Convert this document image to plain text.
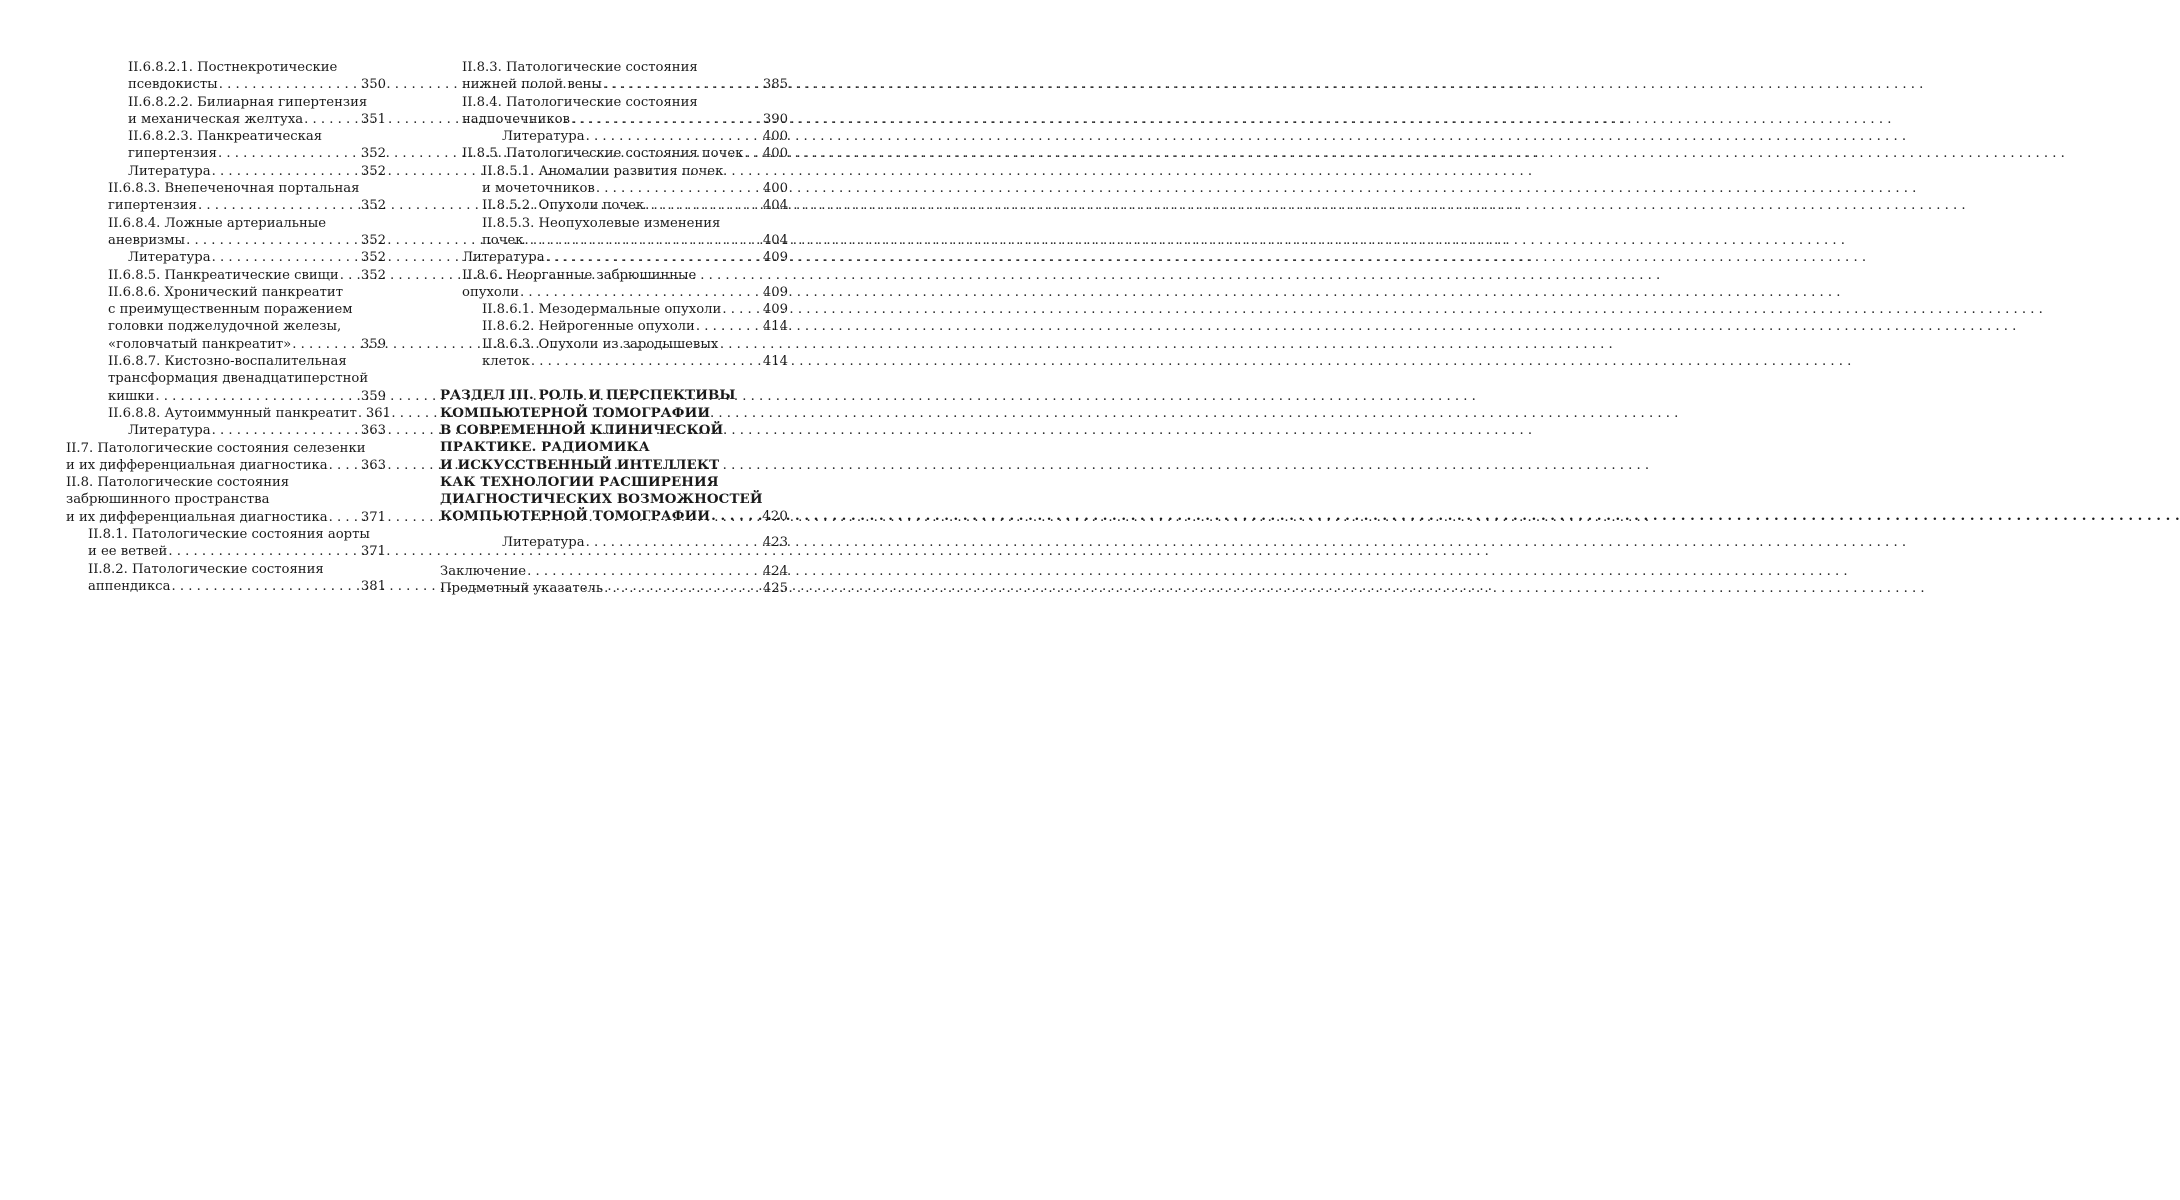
II.6.8.2.1. Постнекротические
псевдокисты . . .	350
II.6.8.2.2. Билиарная гипертензия
и механическая желтуха . . .	351
II.6.8.2.3. Панкреатическая
гипертензия . . .	352
Литература . . .	352
II.6.8.3. Внепеченочная портальная
гипертензия . . .	352
II.6.8.4. Ложные артериальные
аневризмы . . .	352
Литература . . .	352
II.6.8.5. Панкреатические свищи . . . 352
II.6.8.6. Хронический панкреатит
с преимущественным поражением
головки поджелудочной железы,
«головчатый панкреатит» . . .	359
II.6.8.7. Кистозно-воспалительная
трансформация двенадцатиперстной
кишки . . .	359
II.6.8.8. Аутоиммунный панкреатит . . . 361
Литература . . .	363
II.7. Патологические состояния селезенки
и их дифференциальная диагностика . . .	363
II.8. Патологические состояния
забрюшинного пространства
и их дифференциальная диагностика . . .	371
II.8.1. Патологические состояния аорты
и ее ветвей . . .	371
II.8.2. Патологические состояния
аппендикса . . .	381
II.8.3. Патологические состояния
нижней полой вены . . .	385
II.8.4. Патологические состояния
надпочечников . . .	390
Литература . . .	400
II.8.5. Патологические состояния почек . . . 400
II.8.5.1. Аномалии развития почек
и мочеточников . . .	400
II.8.5.2. Опухоли почек . . .	404
II.8.5.3. Неопухолевые изменения
почек . . .	404
Литература . . .	409
II.8.6. Неорганные забрюшинные
опухоли . . .	409
II.8.6.1. Мезодермальные опухоли . . .	409
II.8.6.2. Нейрогенные опухоли . . .	414
II.8.6.3. Опухоли из зародышевых
клеток . . .	414
РАЗДЕЛ III. РОЛЬ И ПЕРСПЕКТИВЫ
КОМПЬЮТЕРНОЙ ТОМОГРАФИИ
В СОВРЕМЕННОЙ КЛИНИЧЕСКОЙ
ПРАКТИКЕ. РАДИОМИКА
И ИСКУССТВЕННЫЙ ИНТЕЛЛЕКТ
КАК ТЕХНОЛОГИИ РАСШИРЕНИЯ
ДИАГНОСТИЧЕСКИХ ВОЗМОЖНОСТЕЙ
КОМПЬЮТЕРНОЙ ТОМОГРАФИИ . . .	420
Литература . . .	423
Заключение . . .	424
Предметный указатель . . .	425
